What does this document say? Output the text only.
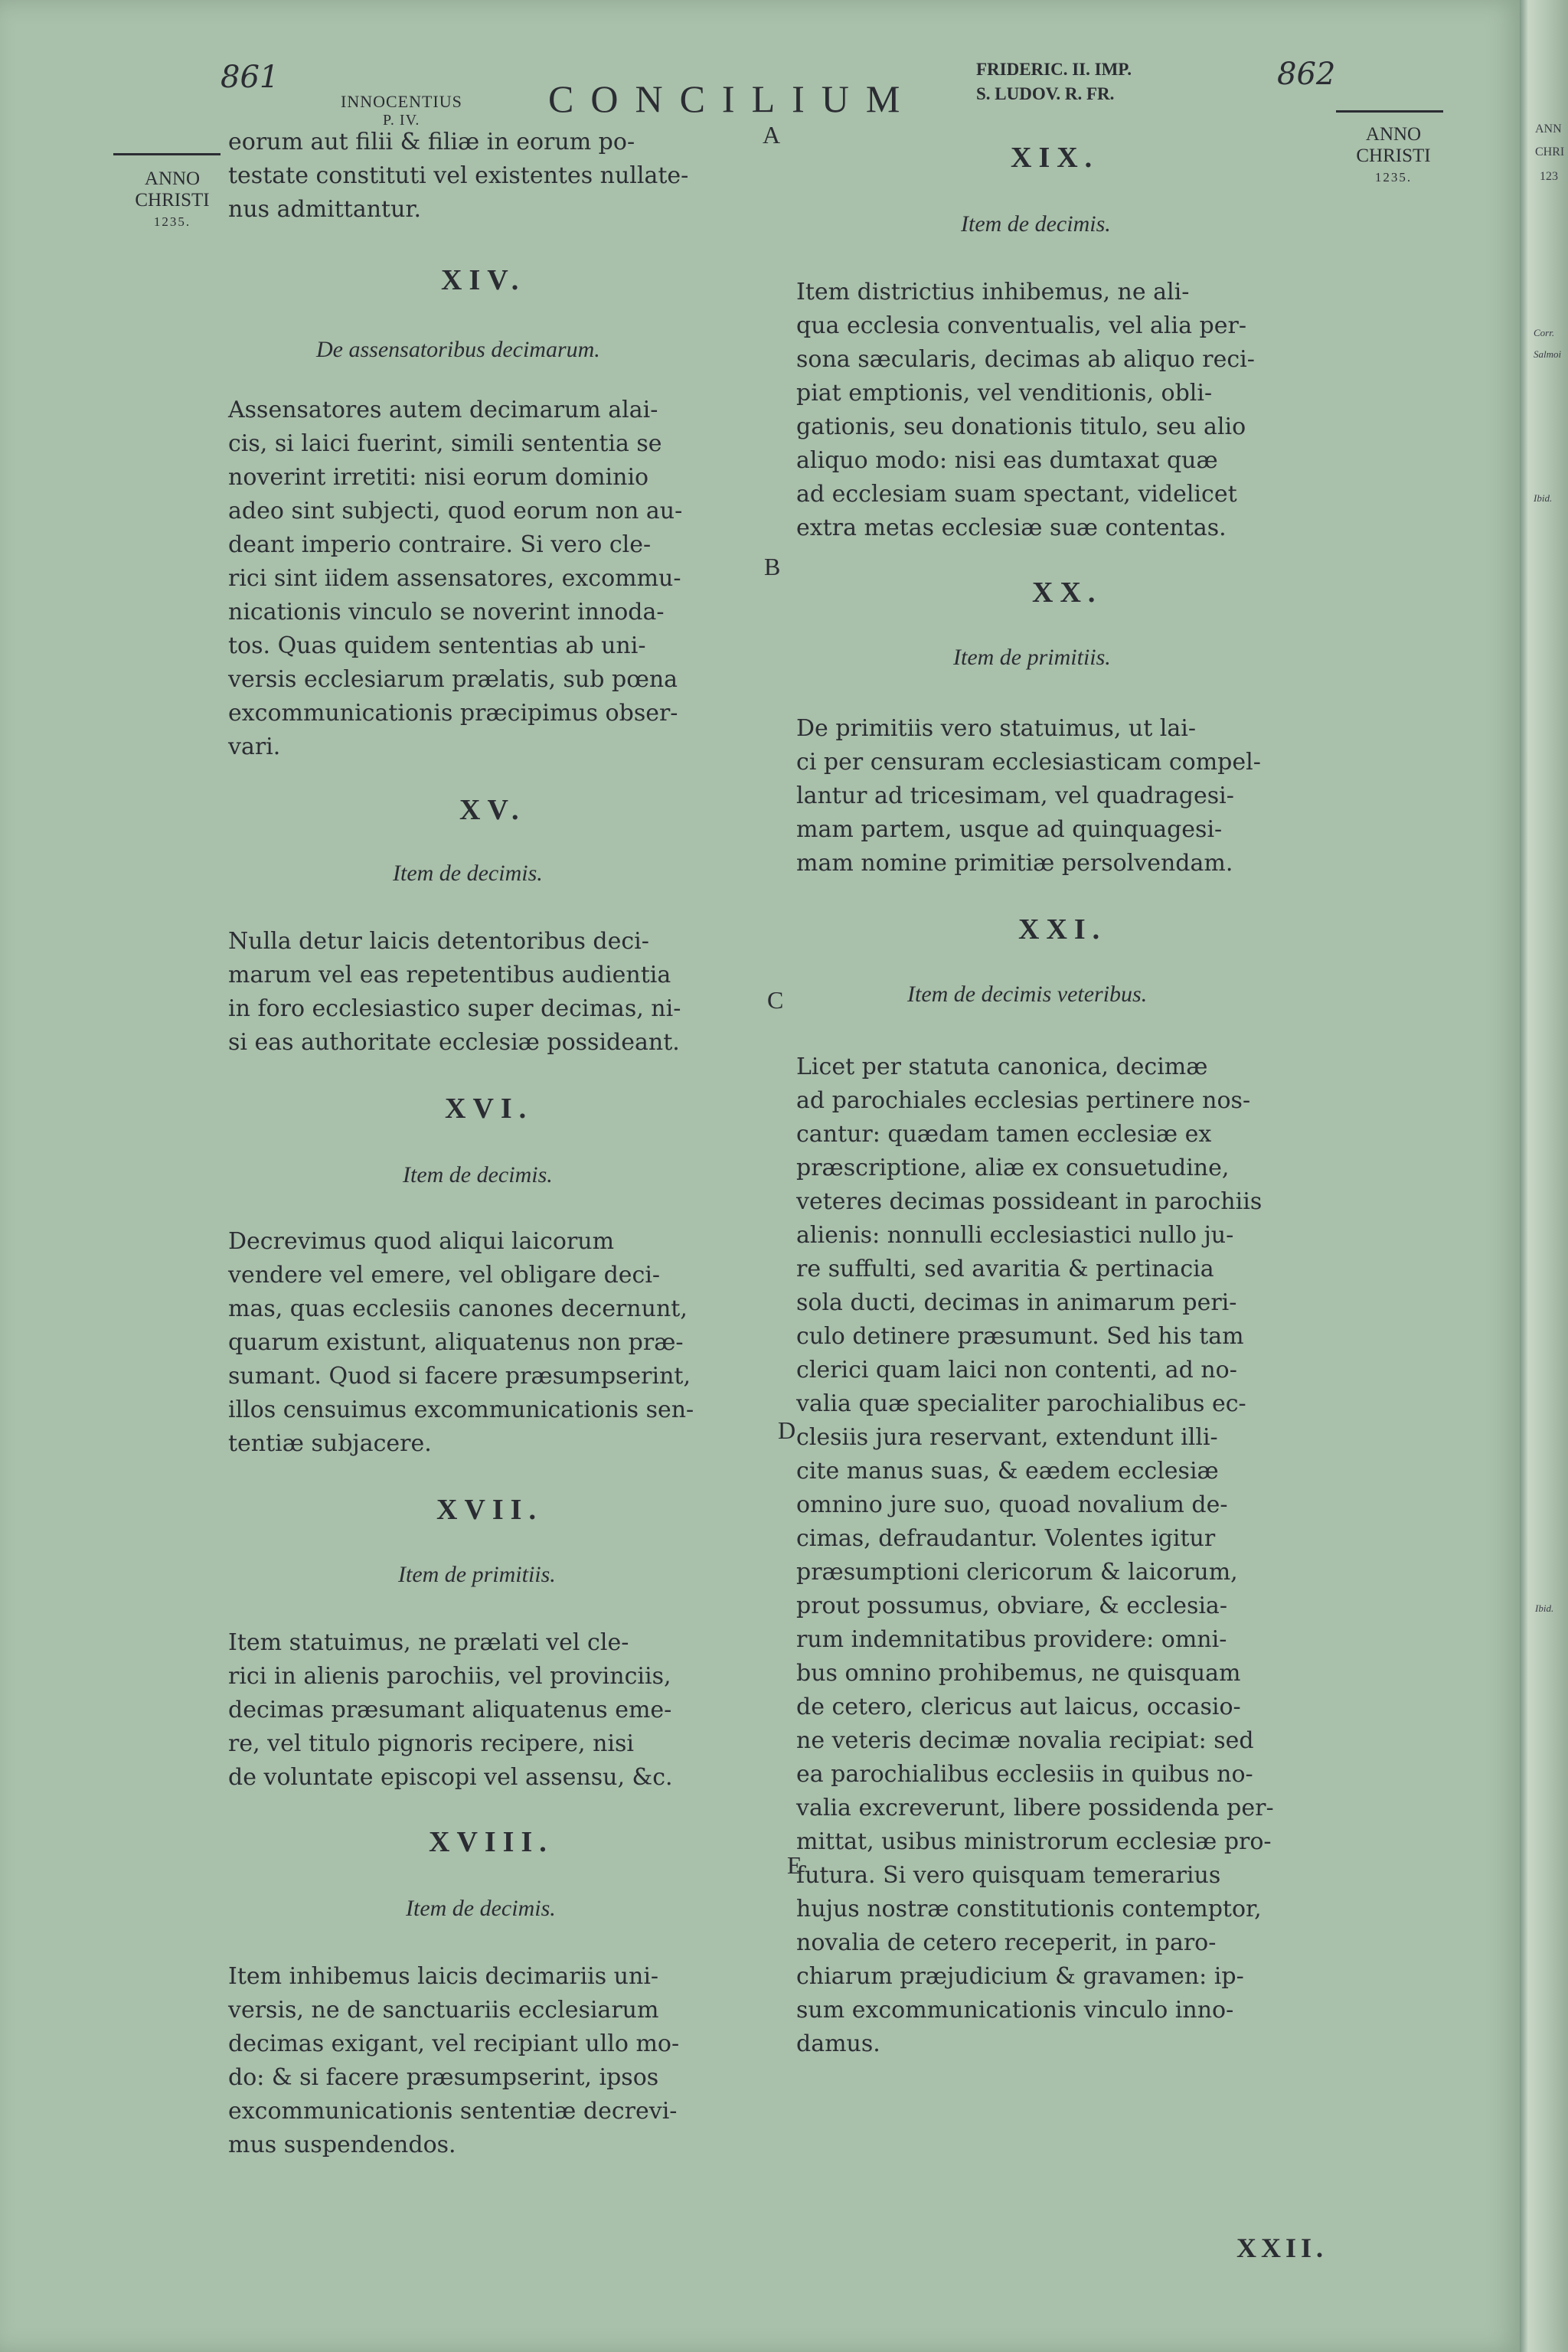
861
INNOCENTIUS
P. IV.	CONCILIUM
FRIDERIC. II. IMP.
S. LUDOV. R. FR.
862
ANNO
CHRISTI
1235.
ANNO
CHRISTI
1235.
A
B
C
D
E
eorum aut filii & filiæ in eorum po-
testate constituti vel existentes nullate-
nus admittantur.
XIV.
De assensatoribus decimarum.
Assensatores autem decimarum alai-
cis, si laici fuerint, simili sententia se
noverint irretiti: nisi eorum dominio
adeo sint subjecti, quod eorum non au-
deant imperio contraire. Si vero cle-
rici sint iidem assensatores, excommu-
nicationis vinculo se noverint innoda-
tos. Quas quidem sententias ab uni-
versis ecclesiarum prælatis, sub pœna
excommunicationis præcipimus obser-
vari.
XV.
Item de decimis.
Nulla detur laicis detentoribus deci-
marum vel eas repetentibus audientia
in foro ecclesiastico super decimas, ni-
si eas authoritate ecclesiæ possideant.
XVI.
Item de decimis.
Decrevimus quod aliqui laicorum
vendere vel emere, vel obligare deci-
mas, quas ecclesiis canones decernunt,
quarum existunt, aliquatenus non præ-
sumant. Quod si facere præsumpserint,
illos censuimus excommunicationis sen-
tentiæ subjacere.
XVII.
Item de primitiis.
Item statuimus, ne prælati vel cle-
rici in alienis parochiis, vel provinciis,
decimas præsumant aliquatenus eme-
re, vel titulo pignoris recipere, nisi
de voluntate episcopi vel assensu, &c.
XVIII.
Item de decimis.
Item inhibemus laicis decimariis uni-
versis, ne de sanctuariis ecclesiarum
decimas exigant, vel recipiant ullo mo-
do: & si facere præsumpserint, ipsos
excommunicationis sententiæ decrevi-
mus suspendendos.
XIX.
Item de decimis.
Item districtius inhibemus, ne ali-
qua ecclesia conventualis, vel alia per-
sona sæcularis, decimas ab aliquo reci-
piat emptionis, vel venditionis, obli-
gationis, seu donationis titulo, seu alio
aliquo modo: nisi eas dumtaxat quæ
ad ecclesiam suam spectant, videlicet
extra metas ecclesiæ suæ contentas.
XX.
Item de primitiis.
De primitiis vero statuimus, ut lai-
ci per censuram ecclesiasticam compel-
lantur ad tricesimam, vel quadragesi-
mam partem, usque ad quinquagesi-
mam nomine primitiæ persolvendam.
XXI.
Item de decimis veteribus.
Licet per statuta canonica, decimæ
ad parochiales ecclesias pertinere nos-
cantur: quædam tamen ecclesiæ ex
præscriptione, aliæ ex consuetudine,
veteres decimas possideant in parochiis
alienis: nonnulli ecclesiastici nullo ju-
re suffulti, sed avaritia & pertinacia
sola ducti, decimas in animarum peri-
culo detinere præsumunt. Sed his tam
clerici quam laici non contenti, ad no-
valia quæ specialiter parochialibus ec-
clesiis jura reservant, extendunt illi-
cite manus suas, & eædem ecclesiæ
omnino jure suo, quoad novalium de-
cimas, defraudantur. Volentes igitur
præsumptioni clericorum & laicorum,
prout possumus, obviare, & ecclesia-
rum indemnitatibus providere: omni-
bus omnino prohibemus, ne quisquam
de cetero, clericus aut laicus, occasio-
ne veteris decimæ novalia recipiat: sed
ea parochialibus ecclesiis in quibus no-
valia excreverunt, libere possidenda per-
mittat, usibus ministrorum ecclesiæ pro-
futura. Si vero quisquam temerarius
hujus nostræ constitutionis contemptor,
novalia de cetero receperit, in paro-
chiarum præjudicium & gravamen: ip-
sum excommunicationis vinculo inno-
damus.
XXII.
ANN
CHRI
123
Corr.
Salmoi
Ibid.
Ibid.
